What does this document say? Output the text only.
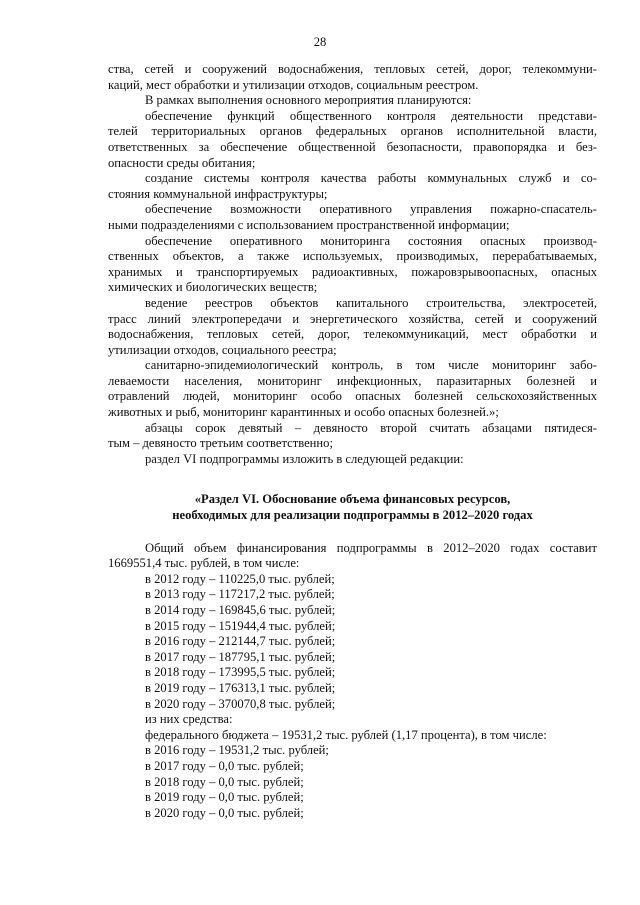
28
ства, сетей и сооружений водоснабжения, тепловых сетей, дорог, телекоммуни-
каций, мест обработки и утилизации отходов, социальным реестром.
В рамках выполнения основного мероприятия планируются:
обеспечение функций общественного контроля деятельности представи-
телей территориальных органов федеральных органов исполнительной власти,
ответственных за обеспечение общественной безопасности, правопорядка и без-
опасности среды обитания;
создание системы контроля качества работы коммунальных служб и со-
стояния коммунальной инфраструктуры;
обеспечение возможности оперативного управления пожарно-спасатель-
ными подразделениями с использованием пространственной информации;
обеспечение оперативного мониторинга состояния опасных производ-
ственных объектов, а также используемых, производимых, перерабатываемых,
хранимых и транспортируемых радиоактивных, пожаровзрывоопасных, опасных
химических и биологических веществ;
ведение реестров объектов капитального строительства, электросетей,
трасс линий электропередачи и энергетического хозяйства, сетей и сооружений
водоснабжения, тепловых сетей, дорог, телекоммуникаций, мест обработки и
утилизации отходов, социального реестра;
санитарно-эпидемиологический контроль, в том числе мониторинг забо-
леваемости населения, мониторинг инфекционных, паразитарных болезней и
отравлений людей, мониторинг особо опасных болезней сельскохозяйственных
животных и рыб, мониторинг карантинных и особо опасных болезней.»;
абзацы сорок девятый – девяносто второй считать абзацами пятидеся-
тым – девяносто третьим соответственно;
раздел VI подпрограммы изложить в следующей редакции:
«Раздел VI. Обоснование объема финансовых ресурсов,
необходимых для реализации подпрограммы в 2012–2020 годах
Общий объем финансирования подпрограммы в 2012–2020 годах составит
1669551,4 тыс. рублей, в том числе:
в 2012 году – 110225,0 тыс. рублей;
в 2013 году – 117217,2 тыс. рублей;
в 2014 году – 169845,6 тыс. рублей;
в 2015 году – 151944,4 тыс. рублей;
в 2016 году – 212144,7 тыс. рублей;
в 2017 году – 187795,1 тыс. рублей;
в 2018 году – 173995,5 тыс. рублей;
в 2019 году – 176313,1 тыс. рублей;
в 2020 году – 370070,8 тыс. рублей;
из них средства:
федерального бюджета – 19531,2 тыс. рублей (1,17 процента), в том числе:
в 2016 году – 19531,2 тыс. рублей;
в 2017 году – 0,0 тыс. рублей;
в 2018 году – 0,0 тыс. рублей;
в 2019 году – 0,0 тыс. рублей;
в 2020 году – 0,0 тыс. рублей;
